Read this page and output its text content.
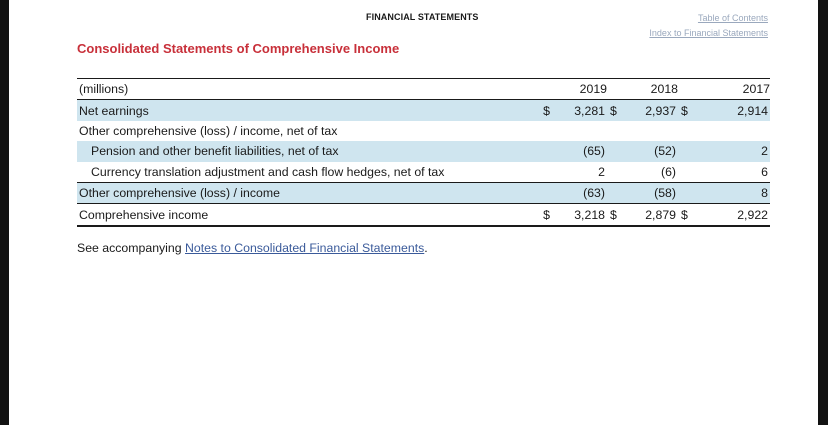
FINANCIAL STATEMENTS	Table of Contents
Index to Financial Statements
Consolidated Statements of Comprehensive Income
(millions)		2019		2018		2017
Net earnings	$	3,281	$	2,937	$	2,914
Other comprehensive (loss) / income, net of tax						
Pension and other benefit liabilities, net of tax		(65)		(52)		2
Currency translation adjustment and cash flow hedges, net of tax		2		(6)		6
Other comprehensive (loss) / income		(63)		(58)		8
Comprehensive income	$	3,218	$	2,879	$	2,922
See accompanying Notes to Consolidated Financial Statements.
